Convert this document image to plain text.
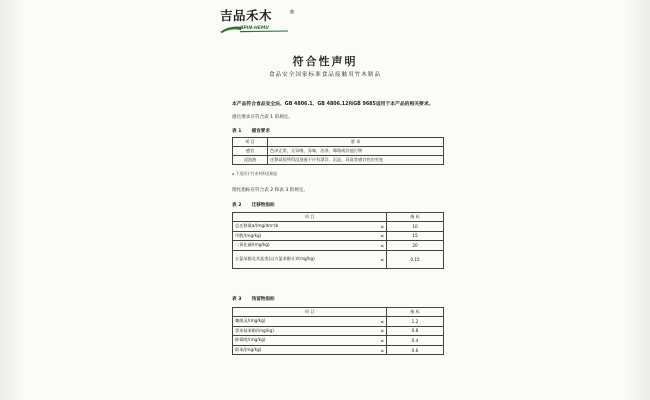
吉品禾木	®
JIPIN-HEMU
符合性声明
食品安全国家标准食品接触用竹木制品
本产品符合食品安全法、GB 4806.1、GB 4806.12和GB 9685适用于本产品的相关要求。
感官要求应符合表 1 的规定。
表 1 感官要求
项 目	要 求
感官	色泽正常，无异嗅、异味，洁净，霉斑或其他污物
浸泡液	迁移试验所得浸泡液不应有漂浮、沉淀，异臭等感官性的劣变
a 不适用于竹木材料及制品
理化指标应符合表 2 和表 3 的规定。
表 2 迁移物指标
项 目		指 标
总迁移量a/(mg/dm²)b	≤	10
甲醛/(mg/kg)	≤	15
二氧化硫/(mg/kg)	≤	20
五氯苯酚及其盐类(以五氯苯酚计)/(mg/kg)	≤	0.15
表 3 残留物指标
项 目		指 标
噻菌灵/(mg/kg)	≤	1.2
邻苯基苯酚/(mg/kg)	≤	0.8
抑霉唑/(mg/kg)	≤	0.4
联苯/(mg/kg)	≤	0.6
